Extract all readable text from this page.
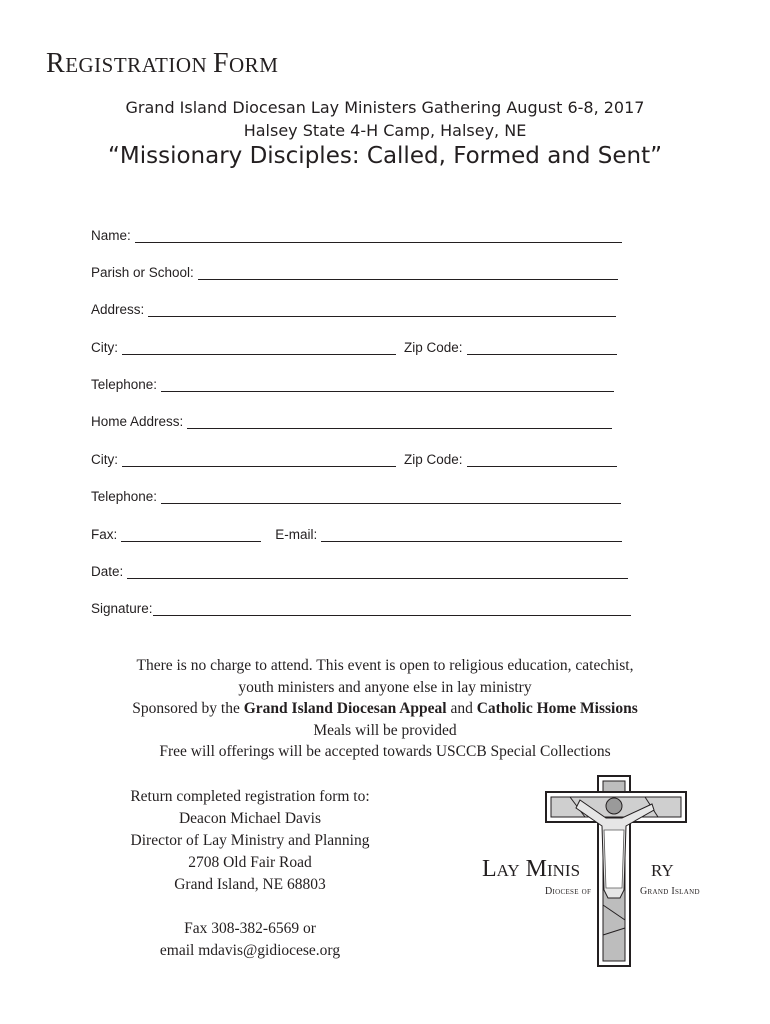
REGISTRATION FORM
Grand Island Diocesan Lay Ministers Gathering August 6-8, 2017
Halsey State 4-H Camp, Halsey, NE
“Missionary Disciples: Called, Formed and Sent”
Name:
Parish or School:
Address:
City:	Zip Code:
Telephone:
Home Address:
City:	Zip Code:
Telephone:
Fax:	E-mail:
Date:
Signature:
There is no charge to attend. This event is open to religious education, catechist,
youth ministers and anyone else in lay ministry
Sponsored by the Grand Island Diocesan Appeal and Catholic Home Missions
Meals will be provided
Free will offerings will be accepted towards USCCB Special Collections
Return completed registration form to:
Deacon Michael Davis
Director of Lay Ministry and Planning
2708 Old Fair Road
Grand Island, NE 68803
Fax 308-382-6569 or
email mdavis@gidiocese.org
Lay Minis	ry
Diocese of	Grand Island
